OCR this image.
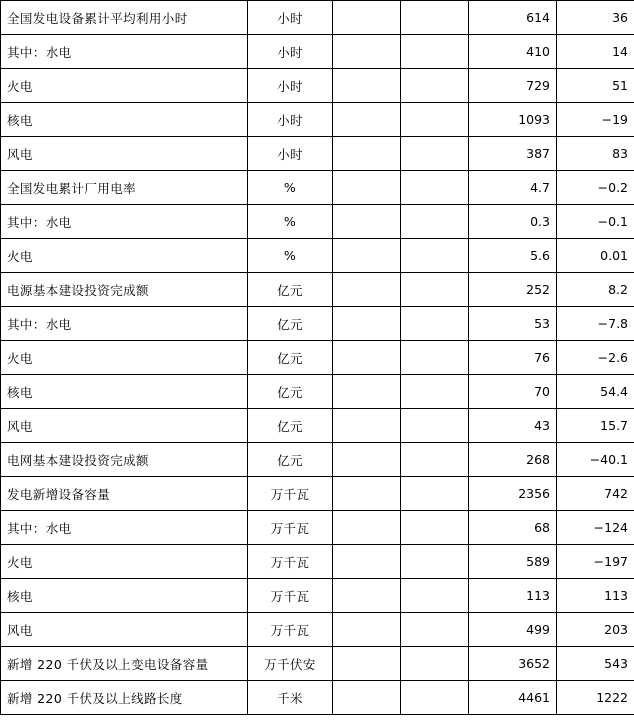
全国发电设备累计平均利用小时	小时			614	36
其中：水电	小时			410	14
火电	小时			729	51
核电	小时			1093	−19
风电	小时			387	83
全国发电累计厂用电率	%			4.7	−0.2
其中：水电	%			0.3	−0.1
火电	%			5.6	0.01
电源基本建设投资完成额	亿元			252	8.2
其中：水电	亿元			53	−7.8
火电	亿元			76	−2.6
核电	亿元			70	54.4
风电	亿元			43	15.7
电网基本建设投资完成额	亿元			268	−40.1
发电新增设备容量	万千瓦			2356	742
其中：水电	万千瓦			68	−124
火电	万千瓦			589	−197
核电	万千瓦			113	113
风电	万千瓦			499	203
新增 220 千伏及以上变电设备容量	万千伏安			3652	543
新增 220 千伏及以上线路长度	千米			4461	1222
